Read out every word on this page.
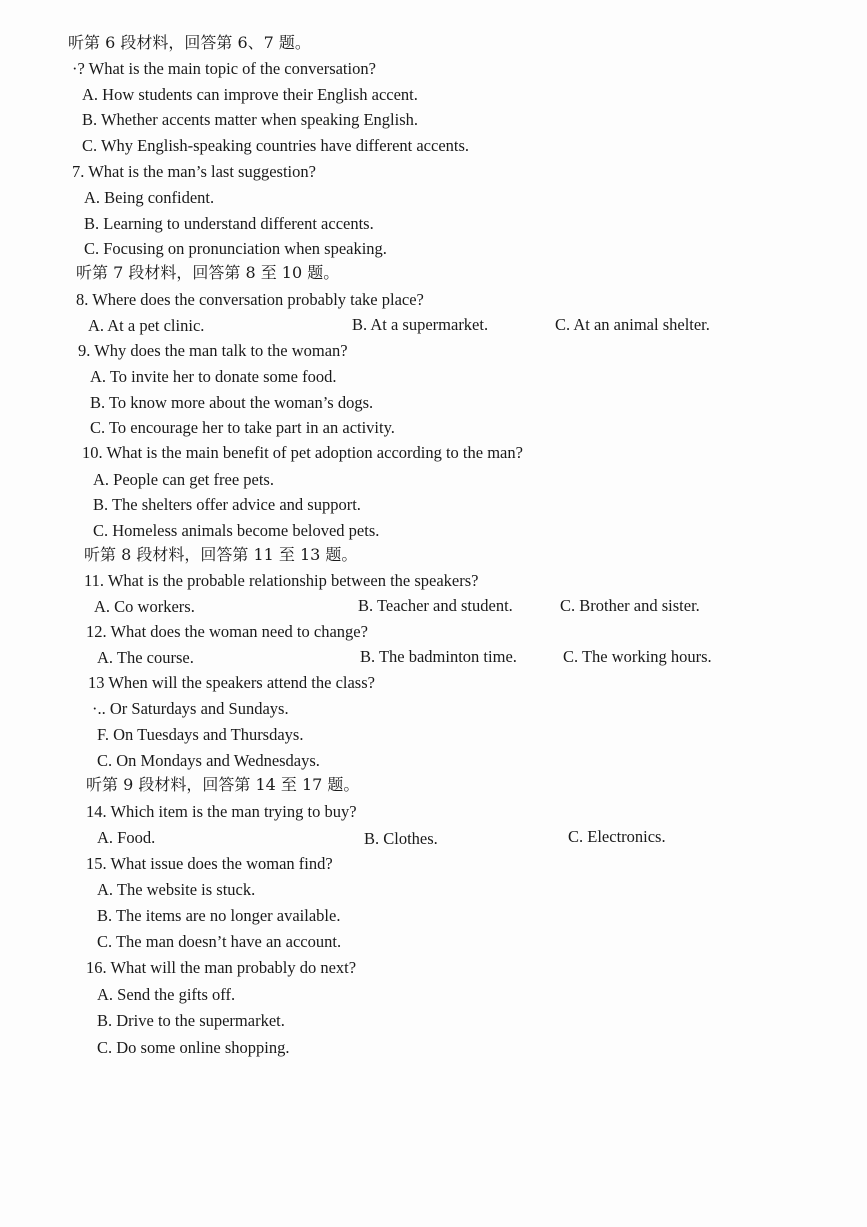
听第 6 段材料，回答第 6、7 题。
·? What is the main topic of the conversation?
A. How students can improve their English accent.
B. Whether accents matter when speaking English.
C. Why English-speaking countries have different accents.
7. What is the man’s last suggestion?
A. Being confident.
B. Learning to understand different accents.
C. Focusing on pronunciation when speaking.
听第 7 段材料，回答第 8 至 10 题。
8. Where does the conversation probably take place?
A. At a pet clinic.	B. At a supermarket.	C. At an animal shelter.
9. Why does the man talk to the woman?
A. To invite her to donate some food.
B. To know more about the woman’s dogs.
C. To encourage her to take part in an activity.
10. What is the main benefit of pet adoption according to the man?
A. People can get free pets.
B. The shelters offer advice and support.
C. Homeless animals become beloved pets.
听第 8 段材料，回答第 11 至 13 题。
11. What is the probable relationship between the speakers?
A. Co workers.	B. Teacher and student.	C. Brother and sister.
12. What does the woman need to change?
A. The course.	B. The badminton time.	C. The working hours.
13 When will the speakers attend the class?
·.. Or Saturdays and Sundays.
F. On Tuesdays and Thursdays.
C. On Mondays and Wednesdays.
听第 9 段材料，回答第 14 至 17 题。
14. Which item is the man trying to buy?
A. Food.	B. Clothes.	C. Electronics.
15. What issue does the woman find?
A. The website is stuck.
B. The items are no longer available.
C. The man doesn’t have an account.
16. What will the man probably do next?
A. Send the gifts off.
B. Drive to the supermarket.
C. Do some online shopping.
